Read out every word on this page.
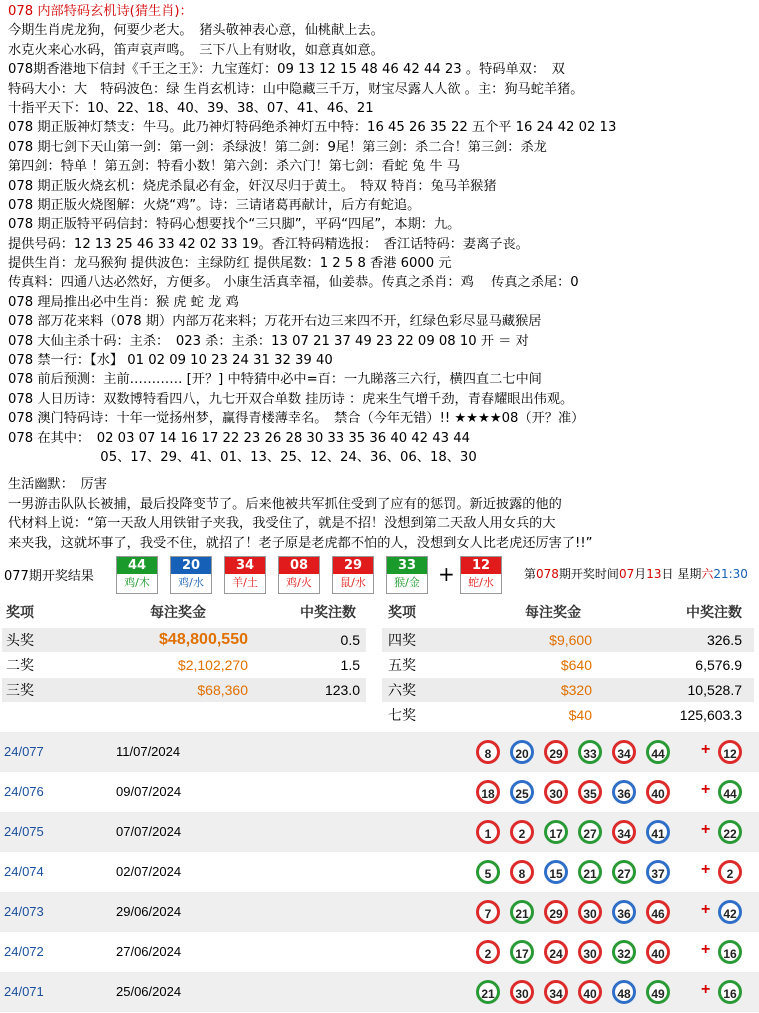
078 内部特码玄机诗(猜生肖)：
今期生肖虎龙狗，何要少老大。　猪头敬神表心意，仙桃献上去。
水克火来心水码，笛声哀声鸣。　三下八上有财收，如意真如意。
078期香港地下信封《千王之王》：九宝莲灯：09 13 12 15 48 46 42 44 23 。特码单双：　双
特码大小：大　特码波色：绿 生肖玄机诗：山中隐藏三千万，财宝尽露人人欲 。主：狗马蛇羊猪。
十指平天下：10、22、18、40、39、38、07、41、46、21
078 期正版神灯禁支：牛马。此乃神灯特码绝杀神灯五中特：16 45 26 35 22 五个平 16 24 42 02 13
078 期七剑下天山第一剑：第一剑：杀绿波！第二剑：9尾！第三剑：杀二合！第三剑：杀龙
第四剑：特单 ！第五剑：特看小数！第六剑：杀六门！第七剑：看蛇 兔 牛 马
078 期正版火烧玄机：烧虎杀鼠必有金，奸汉尽归于黄土。　特双 特肖：兔马羊猴猪
078 期正版火烧图解：火烧“鸡”。诗：三请诸葛再献计，后方有蛇追。
078 期正版特平码信封：特码心想要找个“三只脚”，平码“四尾”，本期：九。
提供号码：12 13 25 46 33 42 02 33 19。香江特码精选报：　香江话特码：妻离子丧。
提供生肖：龙马猴狗 提供波色：主绿防红 提供尾数：1 2 5 8 香港 6000 元
传真料：四通八达必然好，方便多。 小康生活真幸福，仙姜恭。传真之杀肖：鸡　 传真之杀尾：0
078 理局推出必中生肖：猴 虎 蛇 龙 鸡
078 部万花来料（078 期）内部万花来料；万花开右边三来四不开，红绿色彩尽显马藏猴居
078 大仙主杀十码：主杀：　023 杀：主杀：13 07 21 37 49 23 22 09 08 10 开 ＝ 对
078 禁一行：【水】 01 02 09 10 23 24 31 32 39 40
078 前后预测：主前………… [开？] 中特猜中必中=百：一九睇落三六行，横四直二七中间
078 人日历诗：双数博特看四八，九七开双合单数 挂历诗 ：虎来生气增千劲，青春耀眼出伟观。
078 澳门特码诗：十年一觉扬州梦，赢得青楼薄幸名。　禁合（今年无错）!! ★★★★08（开？准）
078 在其中：　02 03 07 14 16 17 22 23 26 28 30 33 35 36 40 42 43 44
　　　　　　　05、17、29、41、01、13、25、12、24、36、06、18、30
生活幽默：　厉害
一男游击队队长被捕，最后投降变节了。后来他被共军抓住受到了应有的惩罚。新近披露的他的
代材料上说：“第一天敌人用铁钳子夹我，我受住了，就是不招！没想到第二天敌人用女兵的大
来夹我，这就坏事了，我受不住，就招了！老子原是老虎都不怕的人，没想到女人比老虎还厉害了!!”
077期开奖结果
44
鸡/木
20
鸡/水
34
羊/土
08
鸡/火
29
鼠/水
33
猴/金
12
蛇/水
+	第078期开奖时间07月13日 星期六21:30
奖项	每注奖金	中奖注数 奖项	每注奖金	中奖注数
头奖	$48,800,550	0.5
二奖	$2,102,270	1.5
三奖	$68,360	123.0
四奖	$9,600	326.5
五奖	$640	6,576.9
六奖	$320	10,528.7
七奖	$40	125,603.3
24/077	11/07/2024	8	20	29	33	34	44	+	12
24/076	09/07/2024	18	25	30	35	36	40	+	44
24/075	07/07/2024	1	2	17	27	34	41	+	22
24/074	02/07/2024	5	8	15	21	27	37	+	2
24/073	29/06/2024	7	21	29	30	36	46	+	42
24/072	27/06/2024	2	17	24	30	32	40	+	16
24/071	25/06/2024	21	30	34	40	48	49	+	16
